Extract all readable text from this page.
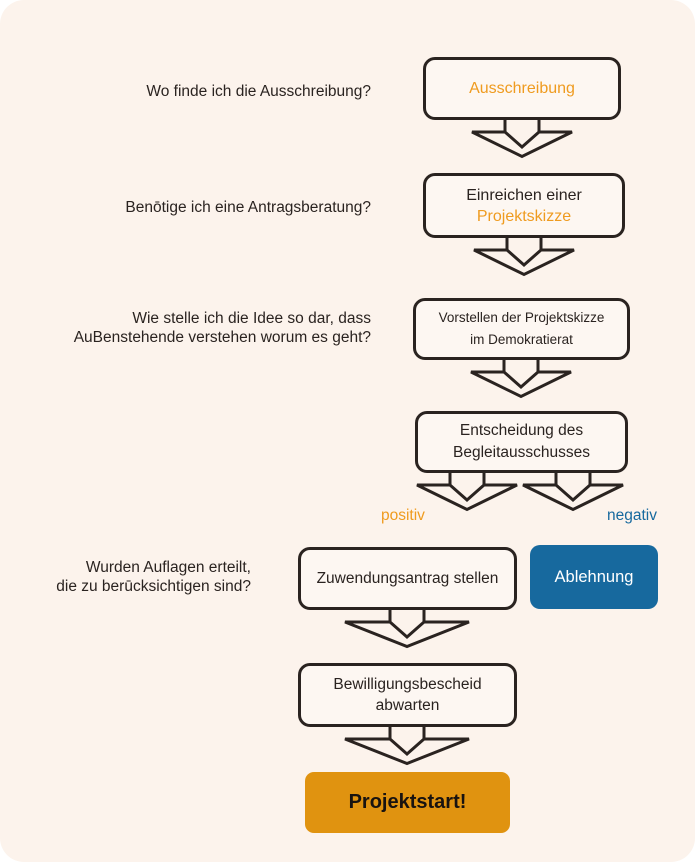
Wo finde ich die Ausschreibung?
Benōtige ich eine Antragsberatung?
Wie stelle ich die Idee so dar, dass
AuBenstehende verstehen worum es geht?
Wurden Auflagen erteilt,
die zu berūcksichtigen sind?
Ausschreibung
Einreichen einer
Projektskizze
Vorstellen der Projektskizze
im Demokratierat
Entscheidung des
Begleitausschusses
positiv	negativ
Zuwendungsantrag stellen	Ablehnung
Bewilligungsbescheid
abwarten
Projektstart!
